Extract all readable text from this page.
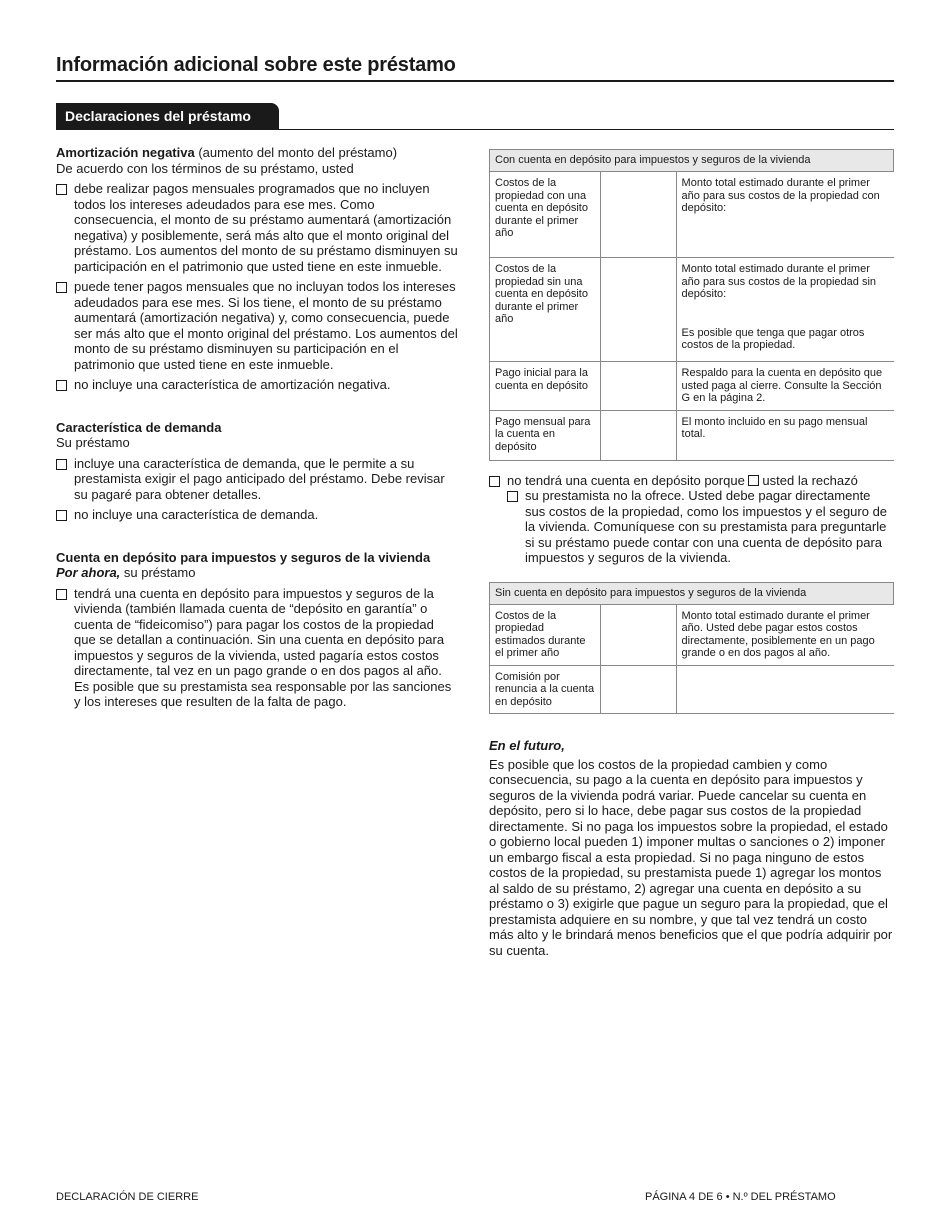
Información adicional sobre este préstamo
Declaraciones del préstamo

Amortización negativa (aumento del monto del préstamo)

De acuerdo con los términos de su préstamo, usted

debe realizar pagos mensuales programados que no incluyen todos los intereses adeudados para ese mes. Como consecuencia, el monto de su préstamo aumentará (amortización negativa) y posiblemente, será más alto que el monto original del préstamo. Los aumentos del monto de su préstamo disminuyen su participación en el patrimonio que usted tiene en este inmueble.
puede tener pagos mensuales que no incluyan todos los intereses adeudados para ese mes. Si los tiene, el monto de su préstamo aumentará (amortización negativa) y, como consecuencia, puede ser más alto que el monto original del préstamo. Los aumentos del monto de su préstamo disminuyen su participación en el patrimonio que usted tiene en este inmueble.
no incluye una característica de amortización negativa.

Característica de demanda

Su préstamo

incluye una característica de demanda, que le permite a su prestamista exigir el pago anticipado del préstamo. Debe revisar su pagaré para obtener detalles.
no incluye una característica de demanda.

Cuenta en depósito para impuestos y seguros de la vivienda

Por ahora, su préstamo

tendrá una cuenta en depósito para impuestos y seguros de la vivienda (también llamada cuenta de “depósito en garantía” o cuenta de “fideicomiso”) para pagar los costos de la propiedad que se detallan a continuación. Sin una cuenta en depósito para impuestos y seguros de la vivienda, usted pagaría estos costos directamente, tal vez en un pago grande o en dos pagos al año. Es posible que su prestamista sea responsable por las sanciones y los intereses que resulten de la falta de pago.
Con cuenta en depósito para impuestos y seguros de la vivienda		
Costos de la propiedad con una cuenta en depósito durante el primer año		Monto total estimado durante el primer año para sus costos de la propiedad con depósito:
Costos de la propiedad sin una cuenta en depósito durante el primer año		Monto total estimado durante el primer año para sus costos de la propiedad sin depósito:
Es posible que tenga que pagar otros costos de la propiedad.

Pago inicial para la cuenta en depósito		Respaldo para la cuenta en depósito que usted paga al cierre. Consulte la Sección G en la página 2.
Pago mensual para la cuenta en depósito		El monto incluido en su pago mensual total.
no tendrá una cuenta en depósito porque usted la rechazó
su prestamista no la ofrece. Usted debe pagar directamente sus costos de la propiedad, como los impuestos y el seguro de la vivienda. Comuníquese con su prestamista para preguntarle si su préstamo puede contar con una cuenta de depósito para impuestos y seguros de la vivienda.
Sin cuenta en depósito para impuestos y seguros de la vivienda		
Costos de la propiedad estimados durante el primer año		Monto total estimado durante el primer año. Usted debe pagar estos costos directamente, posiblemente en un pago grande o en dos pagos al año.
Comisión por renuncia a la cuenta en depósito		

En el futuro,

Es posible que los costos de la propiedad cambien y como consecuencia, su pago a la cuenta en depósito para impuestos y seguros de la vivienda podrá variar. Puede cancelar su cuenta en depósito, pero si lo hace, debe pagar sus costos de la propiedad directamente. Si no paga los impuestos sobre la propiedad, el estado o gobierno local pueden 1) imponer multas o sanciones o 2) imponer un embargo fiscal a esta propiedad. Si no paga ninguno de estos costos de la propiedad, su prestamista puede 1) agregar los montos al saldo de su préstamo, 2) agregar una cuenta en depósito a su préstamo o 3) exigirle que pague un seguro para la propiedad, que el prestamista adquiere en su nombre, y que tal vez tendrá un costo más alto y le brindará menos beneficios que el que podría adquirir por su cuenta.

DECLARACIÓN DE CIERRE	PÁGINA 4 DE 6 • N.º DEL PRÉSTAMO
